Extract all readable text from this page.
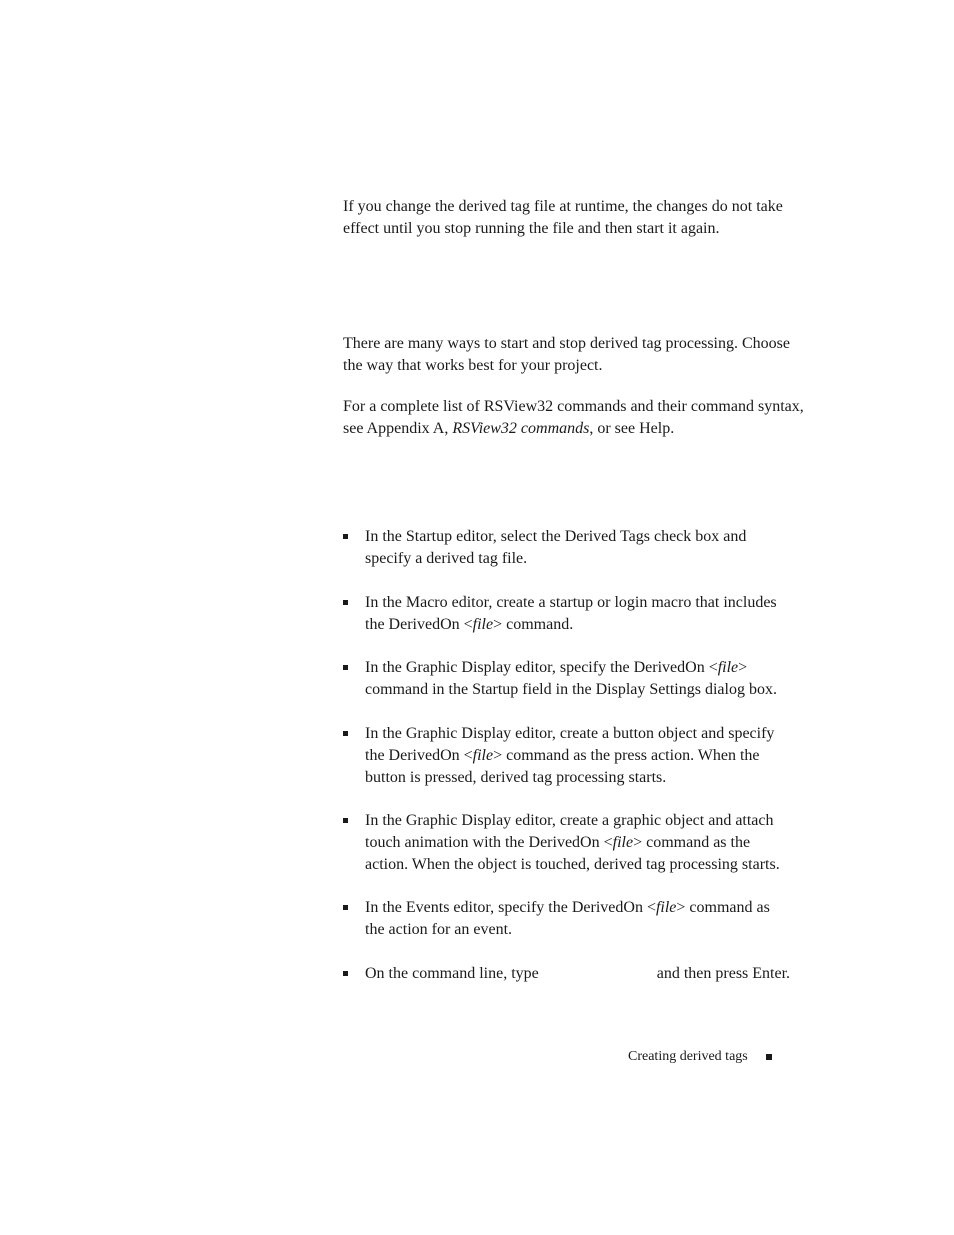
If you change the derived tag file at runtime, the changes do not take effect until you stop running the file and then start it again.

There are many ways to start and stop derived tag processing. Choose the way that works best for your project.

For a complete list of RSView32 commands and their command syntax, see Appendix A, RSView32 commands, or see Help.

In the Startup editor, select the Derived Tags check box and specify a derived tag file.
In the Macro editor, create a startup or login macro that includes the DerivedOn <file> command.
In the Graphic Display editor, specify the DerivedOn <file> command in the Startup field in the Display Settings dialog box.
In the Graphic Display editor, create a button object and specify the DerivedOn <file> command as the press action. When the button is pressed, derived tag processing starts.
In the Graphic Display editor, create a graphic object and attach touch animation with the DerivedOn <file> command as the action. When the object is touched, derived tag processing starts.
In the Events editor, specify the DerivedOn <file> command as the action for an event.
On the command line, type	and then press Enter.
Creating derived tags
